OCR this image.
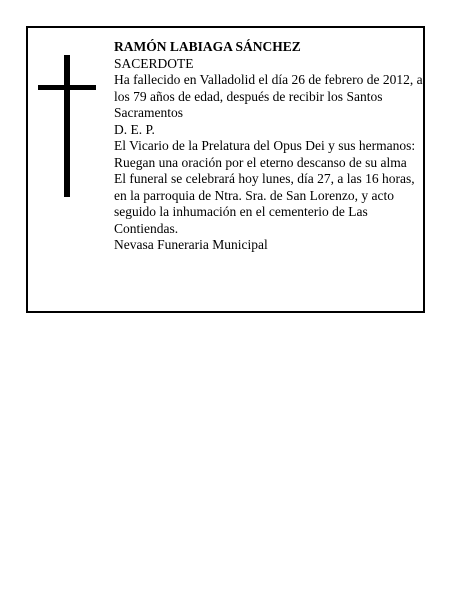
RAMÓN LABIAGA SÁNCHEZ

SACERDOTE

Ha fallecido en Valladolid el día 26 de febrero de 2012, a los 79 años de edad, después de recibir los Santos Sacramentos

D. E. P.

El Vicario de la Prelatura del Opus Dei y sus hermanos:

Ruegan una oración por el eterno descanso de su alma

El funeral se celebrará hoy lunes, día 27, a las 16 horas, en la parroquia de Ntra. Sra. de San Lorenzo, y acto seguido la inhumación en el cementerio de Las Contiendas.

Nevasa Funeraria Municipal
